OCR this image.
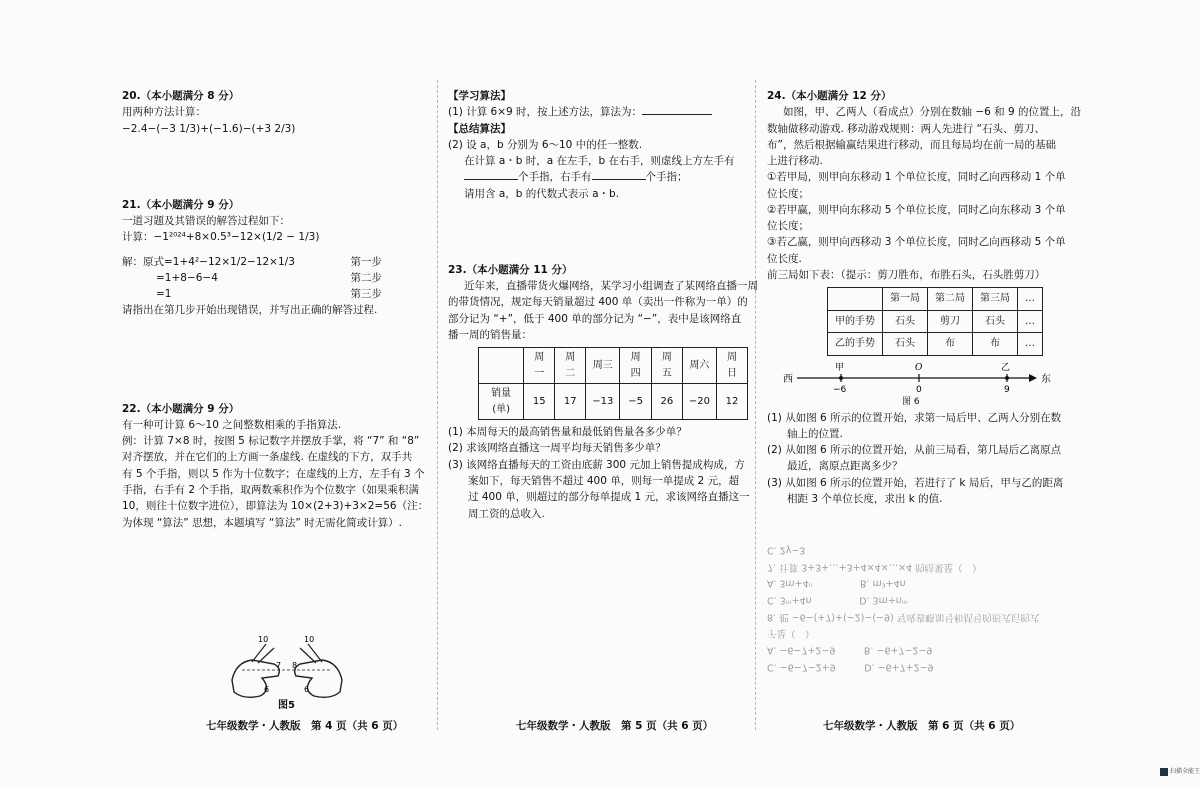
20.（本小题满分 8 分）

用两种方法计算：

−2.4−(−3 1/3)+(−1.6)−(+3 2/3)

21.（本小题满分 9 分）

一道习题及其错误的解答过程如下：

计算：−1²⁰²⁴+8×0.5³−12×(1/2 − 1/3)

解：原式=1+4²−12×1/2−12×1/3	第一步
=1+8−6−4	第二步
=1	第三步

请指出在第几步开始出现错误，并写出正确的解答过程.

22.（本小题满分 9 分）

有一种可计算 6～10 之间整数相乘的手指算法.

例：计算 7×8 时，按图 5 标记数字并摆放手掌，将 “7” 和 “8”

对齐摆放，并在它们的上方画一条虚线. 在虚线的下方，双手共

有 5 个手指，则以 5 作为十位数字；在虚线的上方，左手有 3 个

手指，右手有 2 个手指，取两数乘积作为个位数字（如果乘积满

10，则往十位数字进位），即算法为 10×(2+3)+3×2=56（注：

为体现 “算法” 思想，本题填写 “算法” 时无需化简或计算）.

10	10
7 8
6	6

图5

七年级数学・人教版　第 4 页（共 6 页）

【学习算法】

(1) 计算 6×9 时，按上述方法，算法为：

【总结算法】

(2) 设 a，b 分别为 6～10 中的任一整数.

在计算 a・b 时，a 在左手，b 在右手，则虚线上方左手有

个手指，右手有	个手指；

请用含 a，b 的代数式表示 a・b.

23.（本小题满分 11 分）

近年来，直播带货火爆网络，某学习小组调查了某网络直播一周

的带货情况，规定每天销量超过 400 单（卖出一件称为一单）的

部分记为 “+”，低于 400 单的部分记为 “−”，表中是该网络直

播一周的销售量：

	周一	周二	周三	周四	周五	周六	周日
销量(单)	15	17	−13	−5	26	−20	12

(1) 本周每天的最高销售量和最低销售量各多少单？

(2) 求该网络直播这一周平均每天销售多少单？

(3) 该网络直播每天的工资由底薪 300 元加上销售提成构成，方

案如下，每天销售不超过 400 单，则每一单提成 2 元，超

过 400 单，则超过的部分每单提成 1 元，求该网络直播这一

周工资的总收入.

七年级数学・人教版　第 5 页（共 6 页）

24.（本小题满分 12 分）

如图，甲、乙两人（看成点）分别在数轴 −6 和 9 的位置上，沿

数轴做移动游戏. 移动游戏规则：两人先进行 “石头、剪刀、

布”，然后根据输赢结果进行移动，而且每局均在前一局的基础

上进行移动.

①若甲局，则甲向东移动 1 个单位长度，同时乙向西移动 1 个单

位长度；

②若甲赢，则甲向东移动 5 个单位长度，同时乙向东移动 3 个单

位长度；

③若乙赢，则甲向西移动 3 个单位长度，同时乙向西移动 5 个单

位长度.

前三局如下表：（提示：剪刀胜布，布胜石头，石头胜剪刀）

	第一局	第二局	第三局	…
甲的手势	石头	剪刀	石头	…
乙的手势	石头	布	布	…
西	东
甲	O	乙
−6	0	9

图 6

(1) 从如图 6 所示的位置开始，求第一局后甲、乙两人分别在数

轴上的位置.

(2) 从如图 6 所示的位置开始，从前三局看，第几局后乙离原点

最近，离原点距离多少？

(3) 从如图 6 所示的位置开始，若进行了 k 局后，甲与乙的距离

相距 3 个单位长度，求出 k 的值.

C. 2y−3

7. 计算 3+3+…+3+4×4×…×4 的结果是（　）

A. 3m+4ⁿ　　　　　	B. m³+4n

C. 3ᵐ+4n　　　　　	D. 3m+nᵐ

8. 把 −6−(+7)+(−2)−(−9) 写成省略加号和括号的形式后的式

子是（　）

A. −6−7+2−9　　　	B. −6+7−2−9

C. −6−7−2+9　　　	D. −6+7+2−9

七年级数学・人教版　第 6 页（共 6 页）
扫描全能王
